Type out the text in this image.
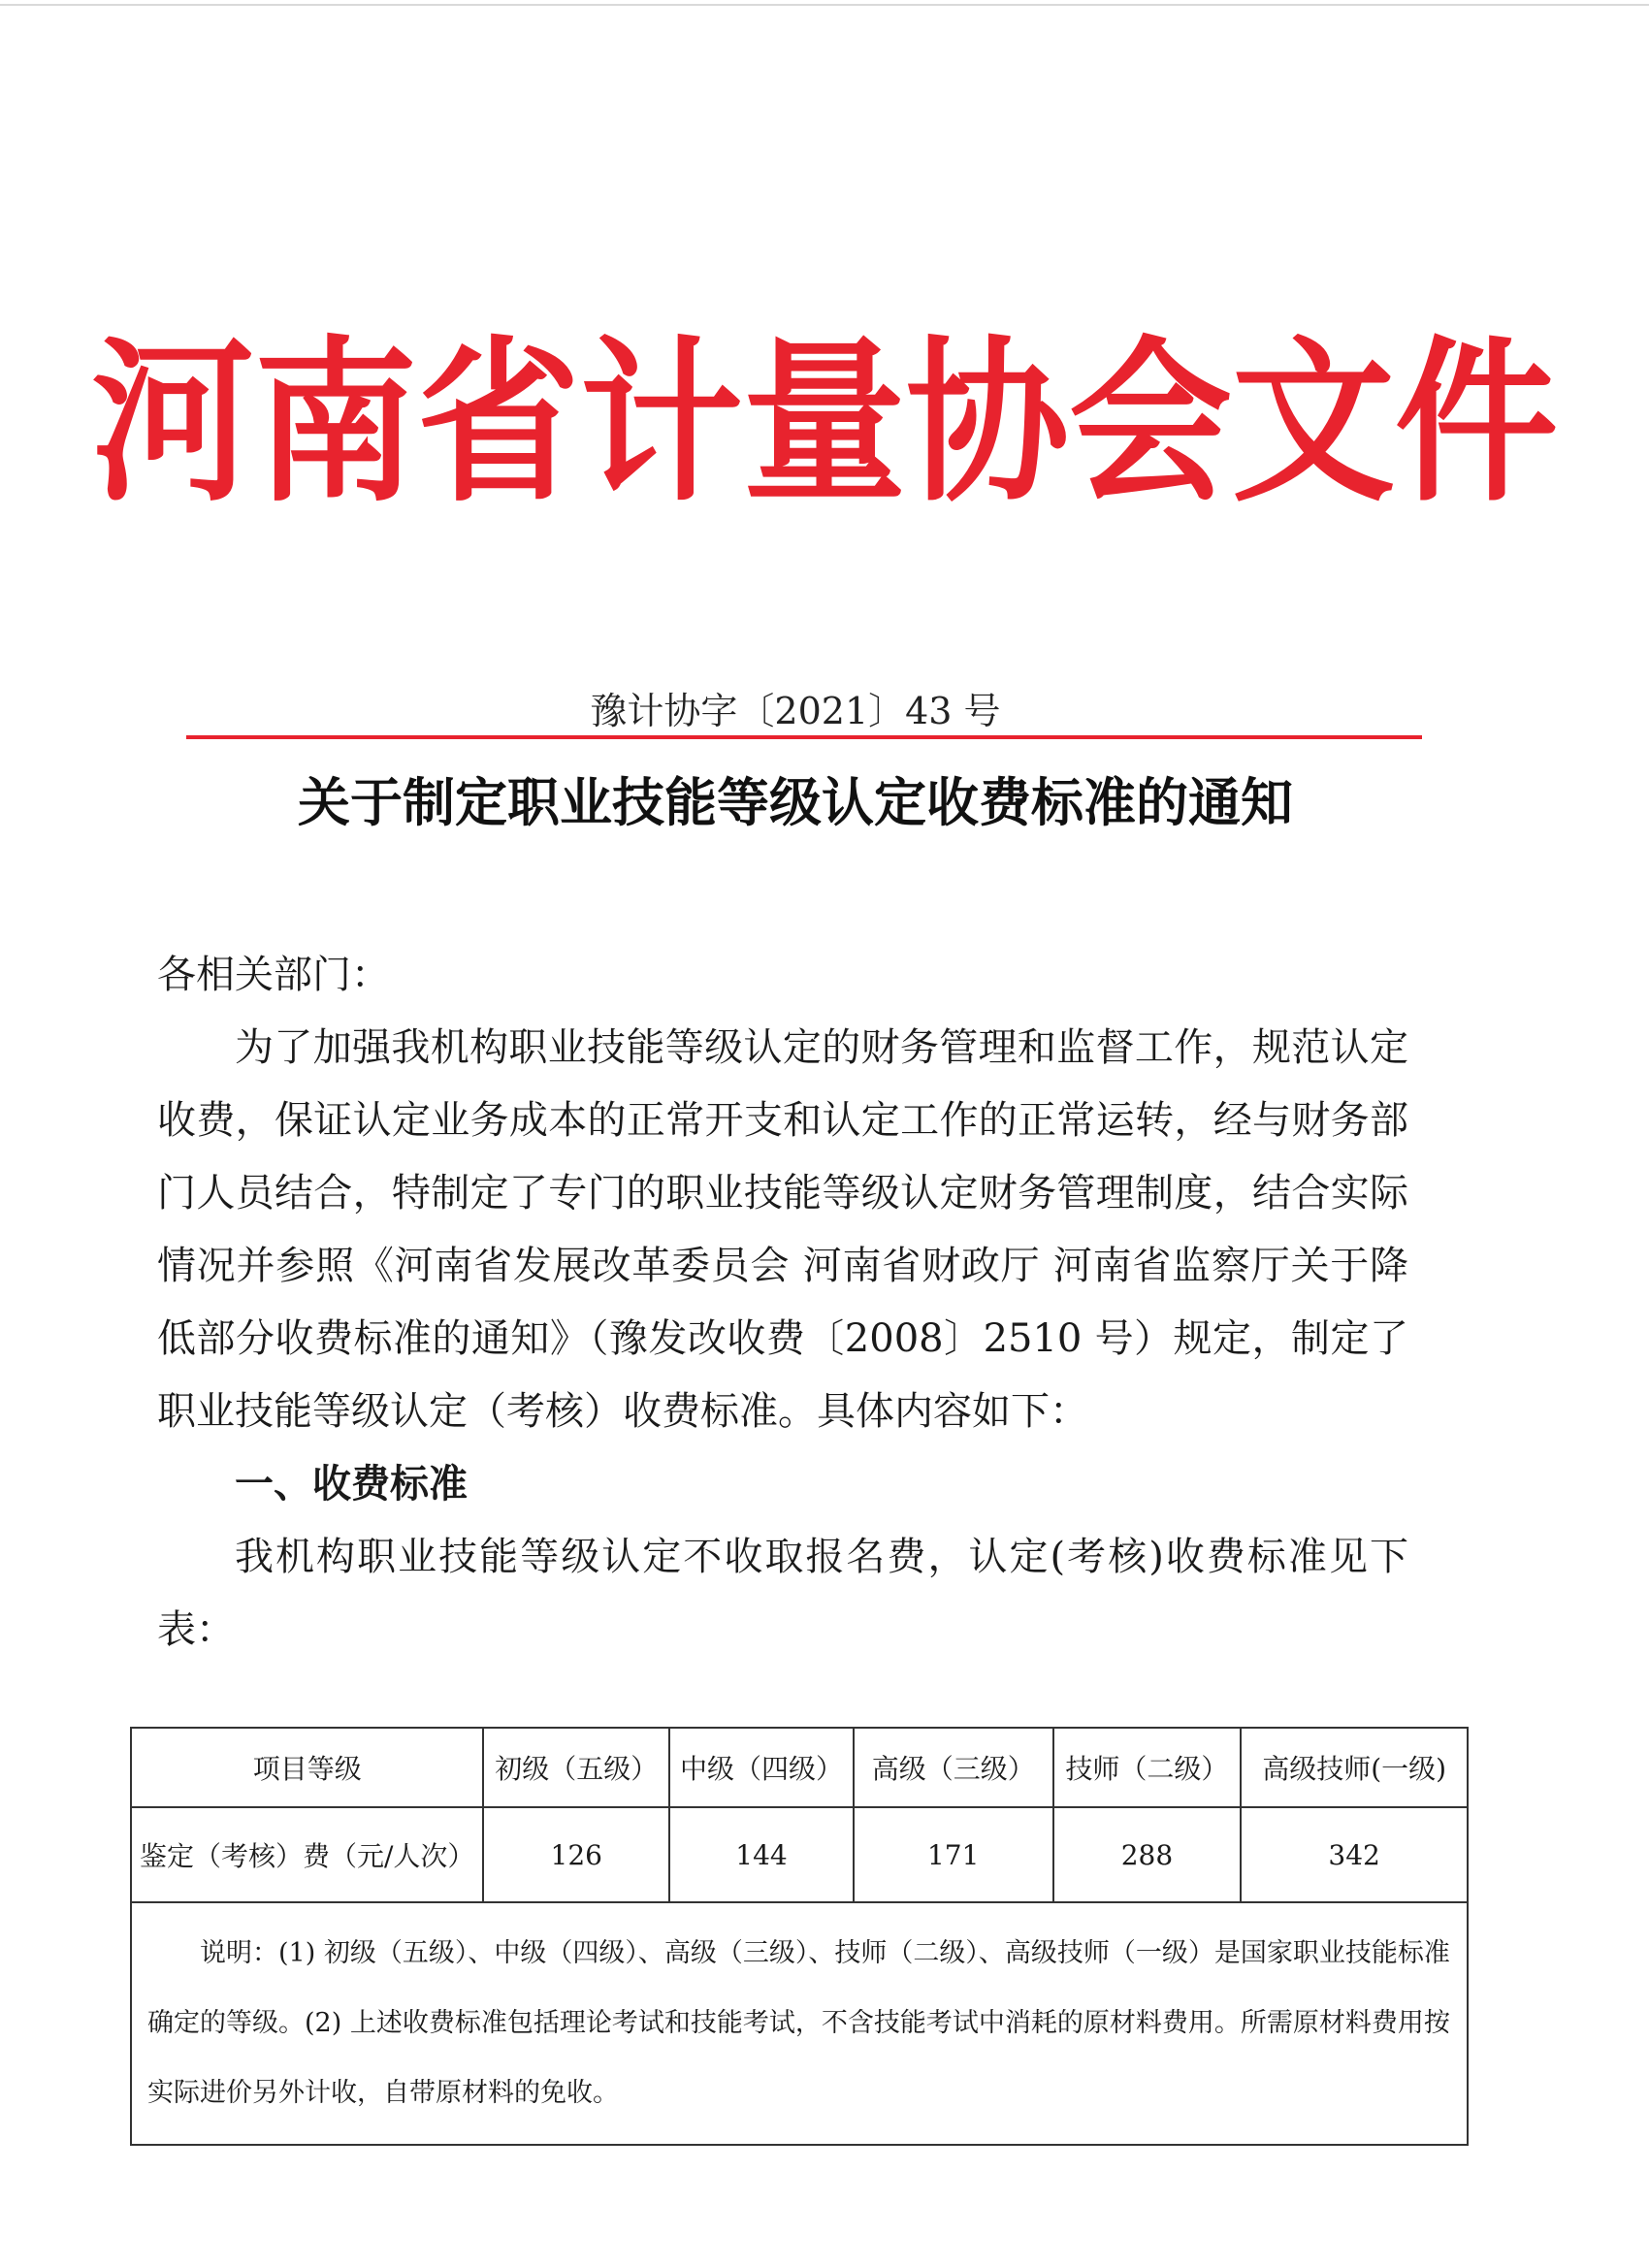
河南省计量协会文件
豫计协字〔2021〕43 号
关于制定职业技能等级认定收费标准的通知

各相关部门：

为了加强我机构职业技能等级认定的财务管理和监督工作，规范认定收费，保证认定业务成本的正常开支和认定工作的正常运转，经与财务部门人员结合，特制定了专门的职业技能等级认定财务管理制度，结合实际情况并参照《河南省发展改革委员会 河南省财政厅 河南省监察厅关于降低部分收费标准的通知》（豫发改收费〔2008〕2510 号）规定，制定了职业技能等级认定（考核）收费标准。具体内容如下：

一、收费标准

我机构职业技能等级认定不收取报名费，认定(考核)收费标准见下表：

项目等级	初级（五级）	中级（四级）	高级（三级）	技师（二级）	高级技师(一级)
鉴定（考核）费（元/人次）	126	144	171	288	342

说明：(1) 初级（五级）、中级（四级）、高级（三级）、技师（二级）、高级技师（一级）是国家职业技能标准确定的等级。(2) 上述收费标准包括理论考试和技能考试，不含技能考试中消耗的原材料费用。所需原材料费用按实际进价另外计收，自带原材料的免收。					
